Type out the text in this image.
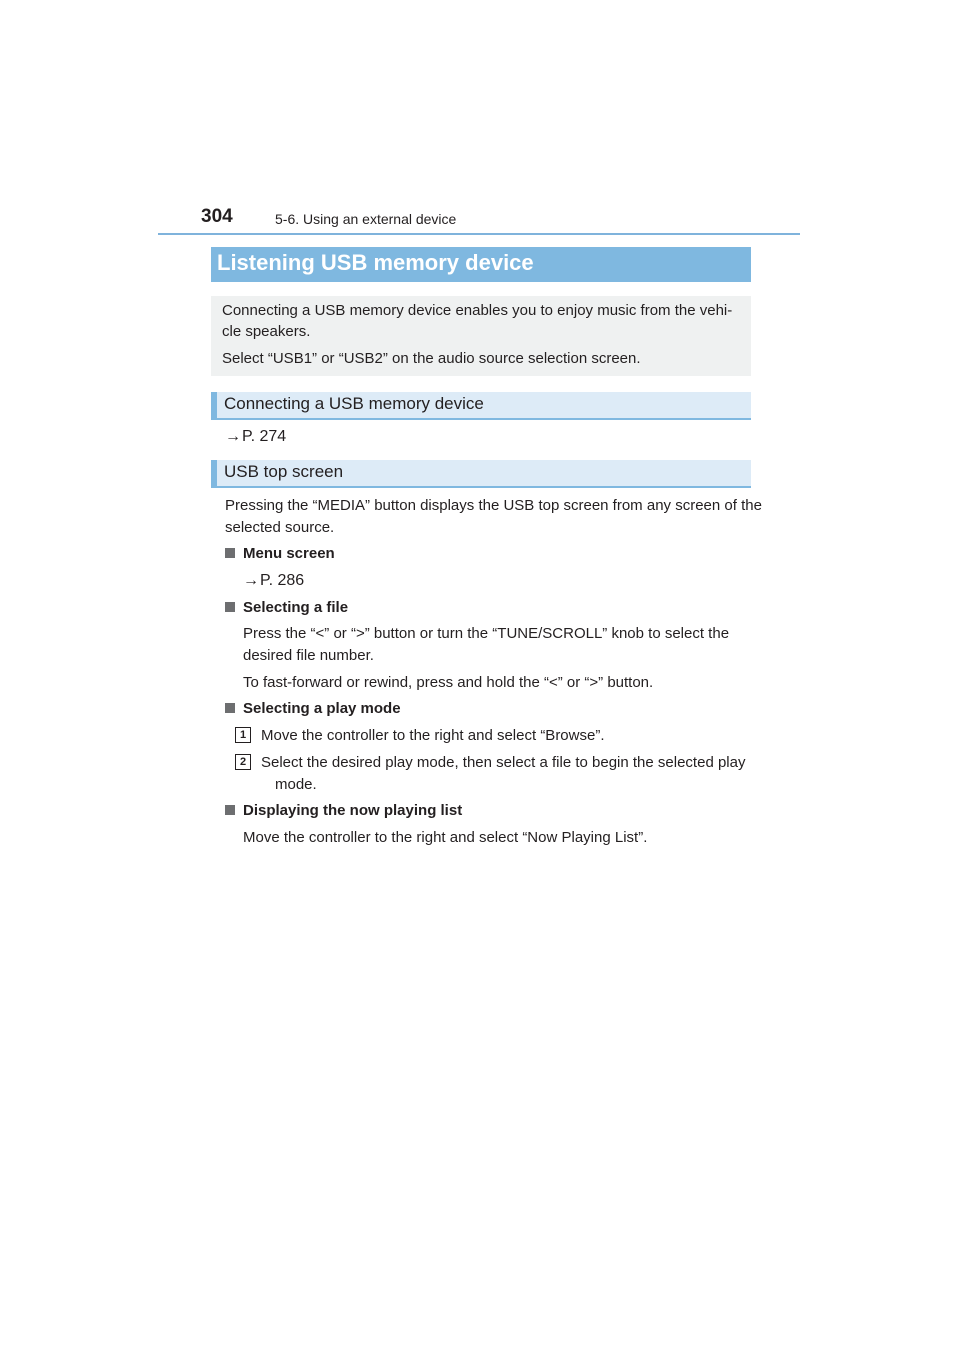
304	5-6. Using an external device
Listening USB memory device

Connecting a USB memory device enables you to enjoy music from the vehi-
cle speakers.

Select “USB1” or “USB2” on the audio source selection screen.

Connecting a USB memory device
→P. 274
USB top screen
Pressing the “MEDIA” button displays the USB top screen from any screen of the
selected source.
Menu screen
→P. 286
Selecting a file
Press the “<” or “>” button or turn the “TUNE/SCROLL” knob to select the
desired file number.
To fast-forward or rewind, press and hold the “<” or “>” button.
Selecting a play mode
1 Move the controller to the right and select “Browse”.
2 Select the desired play mode, then select a file to begin the selected play
mode.
Displaying the now playing list
Move the controller to the right and select “Now Playing List”.
